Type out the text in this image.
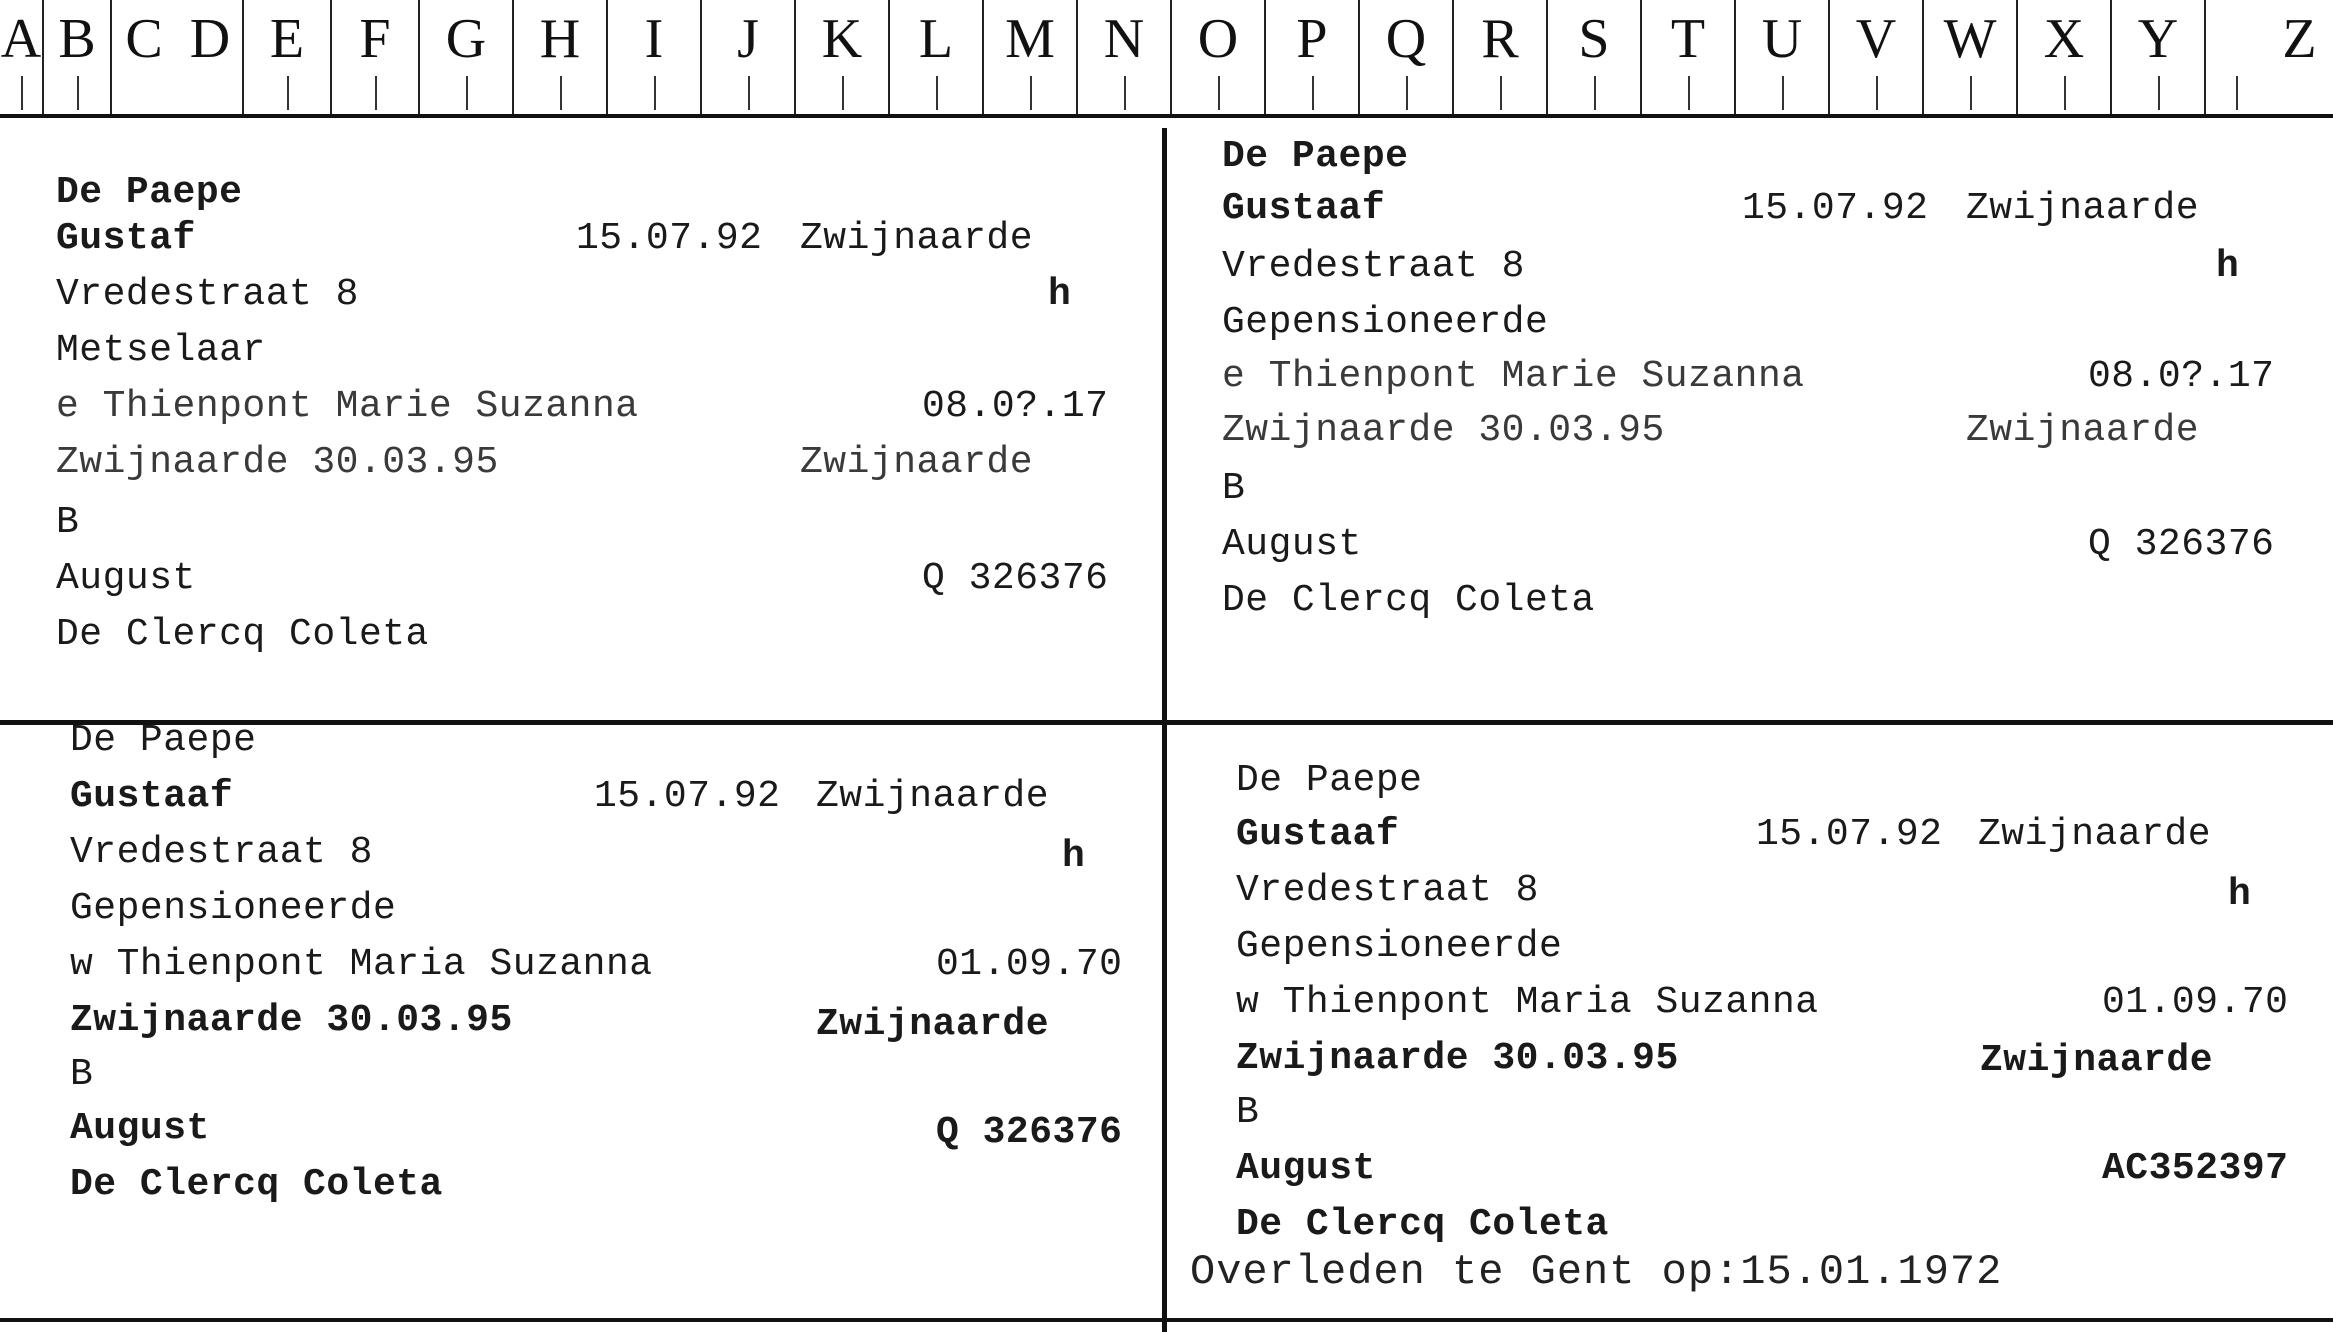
A B C D E F G H	I	J	K	L M N O	P	Q R	S	T	U V W X Y	Z
De Paepe
Gustaf	15.07.92 Zwijnaarde
Vredestraat 8	h
Metselaar
e Thienpont Marie Suzanna	08.0?.17
Zwijnaarde 30.03.95	Zwijnaarde
B
August	Q 326376
De Clercq Coleta
De Paepe
Gustaaf	15.07.92 Zwijnaarde
Vredestraat 8	h
Gepensioneerde
e Thienpont Marie Suzanna	08.0?.17
Zwijnaarde 30.03.95	Zwijnaarde
B
August	Q 326376
De Clercq Coleta
De Paepe
Gustaaf	15.07.92 Zwijnaarde
Vredestraat 8	h
Gepensioneerde
w Thienpont Maria Suzanna	01.09.70
Zwijnaarde 30.03.95	Zwijnaarde
B
August	Q 326376
De Clercq Coleta
De Paepe
Gustaaf	15.07.92 Zwijnaarde
Vredestraat 8	h
Gepensioneerde
w Thienpont Maria Suzanna	01.09.70
Zwijnaarde 30.03.95	Zwijnaarde
B
August	AC352397
De Clercq Coleta
Overleden te Gent op:15.01.1972
